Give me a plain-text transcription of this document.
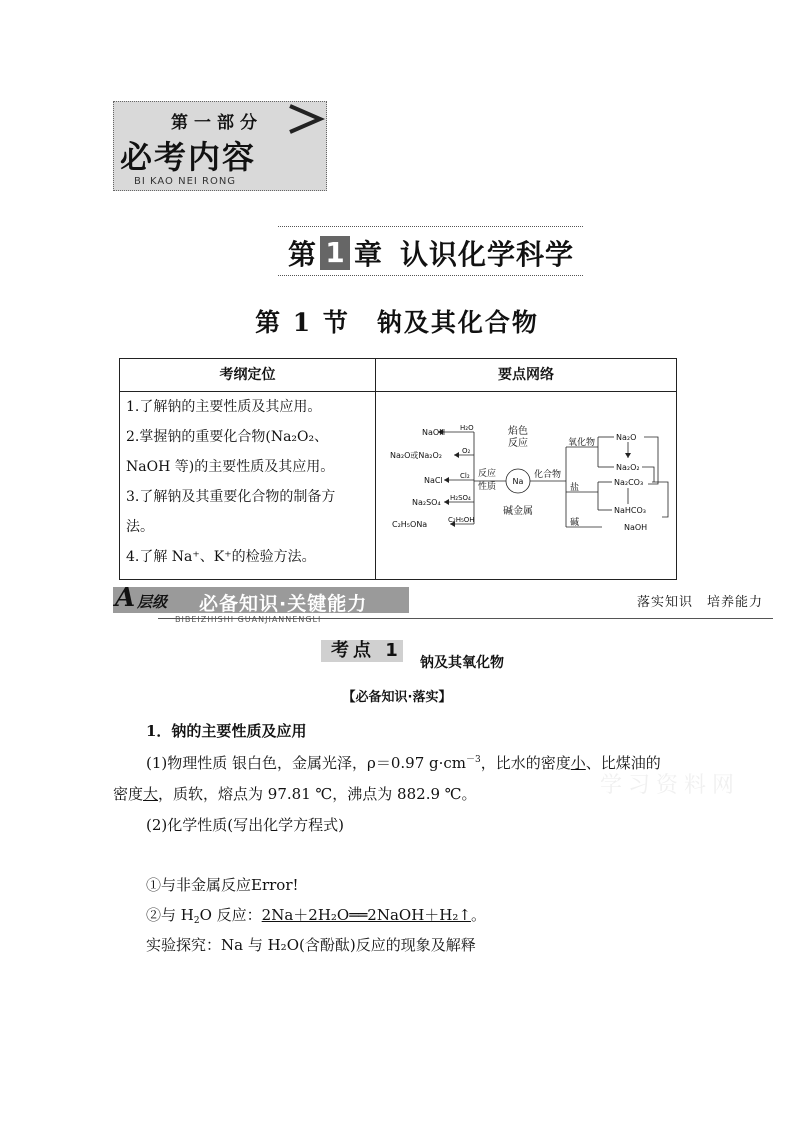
第一部分
必考内容
BI KAO NEI RONG
第 1 章 认识化学科学
第 1 节　钠及其化合物
考纲定位	要点网络
1.了解钠的主要性质及其应用。
2.掌握钠的重要化合物(Na₂O₂、
NaOH 等)的主要性质及其应用。
3.了解钠及其重要化合物的制备方
法。
4.了解 Na⁺、K⁺的检验方法。
Na
焰色
反应
碱金属
反应
性质
化合物
NaOH
Na₂O或Na₂O₂
NaCl
Na₂SO₄
C₂H₅ONa
H₂O
O₂
Cl₂
H₂SO₄
C₂H₅OH
氧化物
盐
碱
Na₂O
Na₂O₂
Na₂CO₃
NaHCO₃
NaOH
A 层级 必备知识·关键能力
BIBEIZHISHI GUANJIANNENGLI
落实知识　培养能力
考点 1
钠及其氧化物
【必备知识·落实】
1．钠的主要性质及应用
(1)物理性质 银白色，金属光泽，ρ＝0.97 $g\cdot cm^{-3}$，比水的密度小、比煤油的
密度大，质软，熔点为 97.81 ℃，沸点为 882.9 ℃。	学习资料网
(2)化学性质(写出化学方程式)
①与非金属反应Error!
②与 $H_2O$ 反应：2Na＋2H₂O══2NaOH＋H₂↑。
实验探究：Na 与 H₂O(含酚酞)反应的现象及解释
